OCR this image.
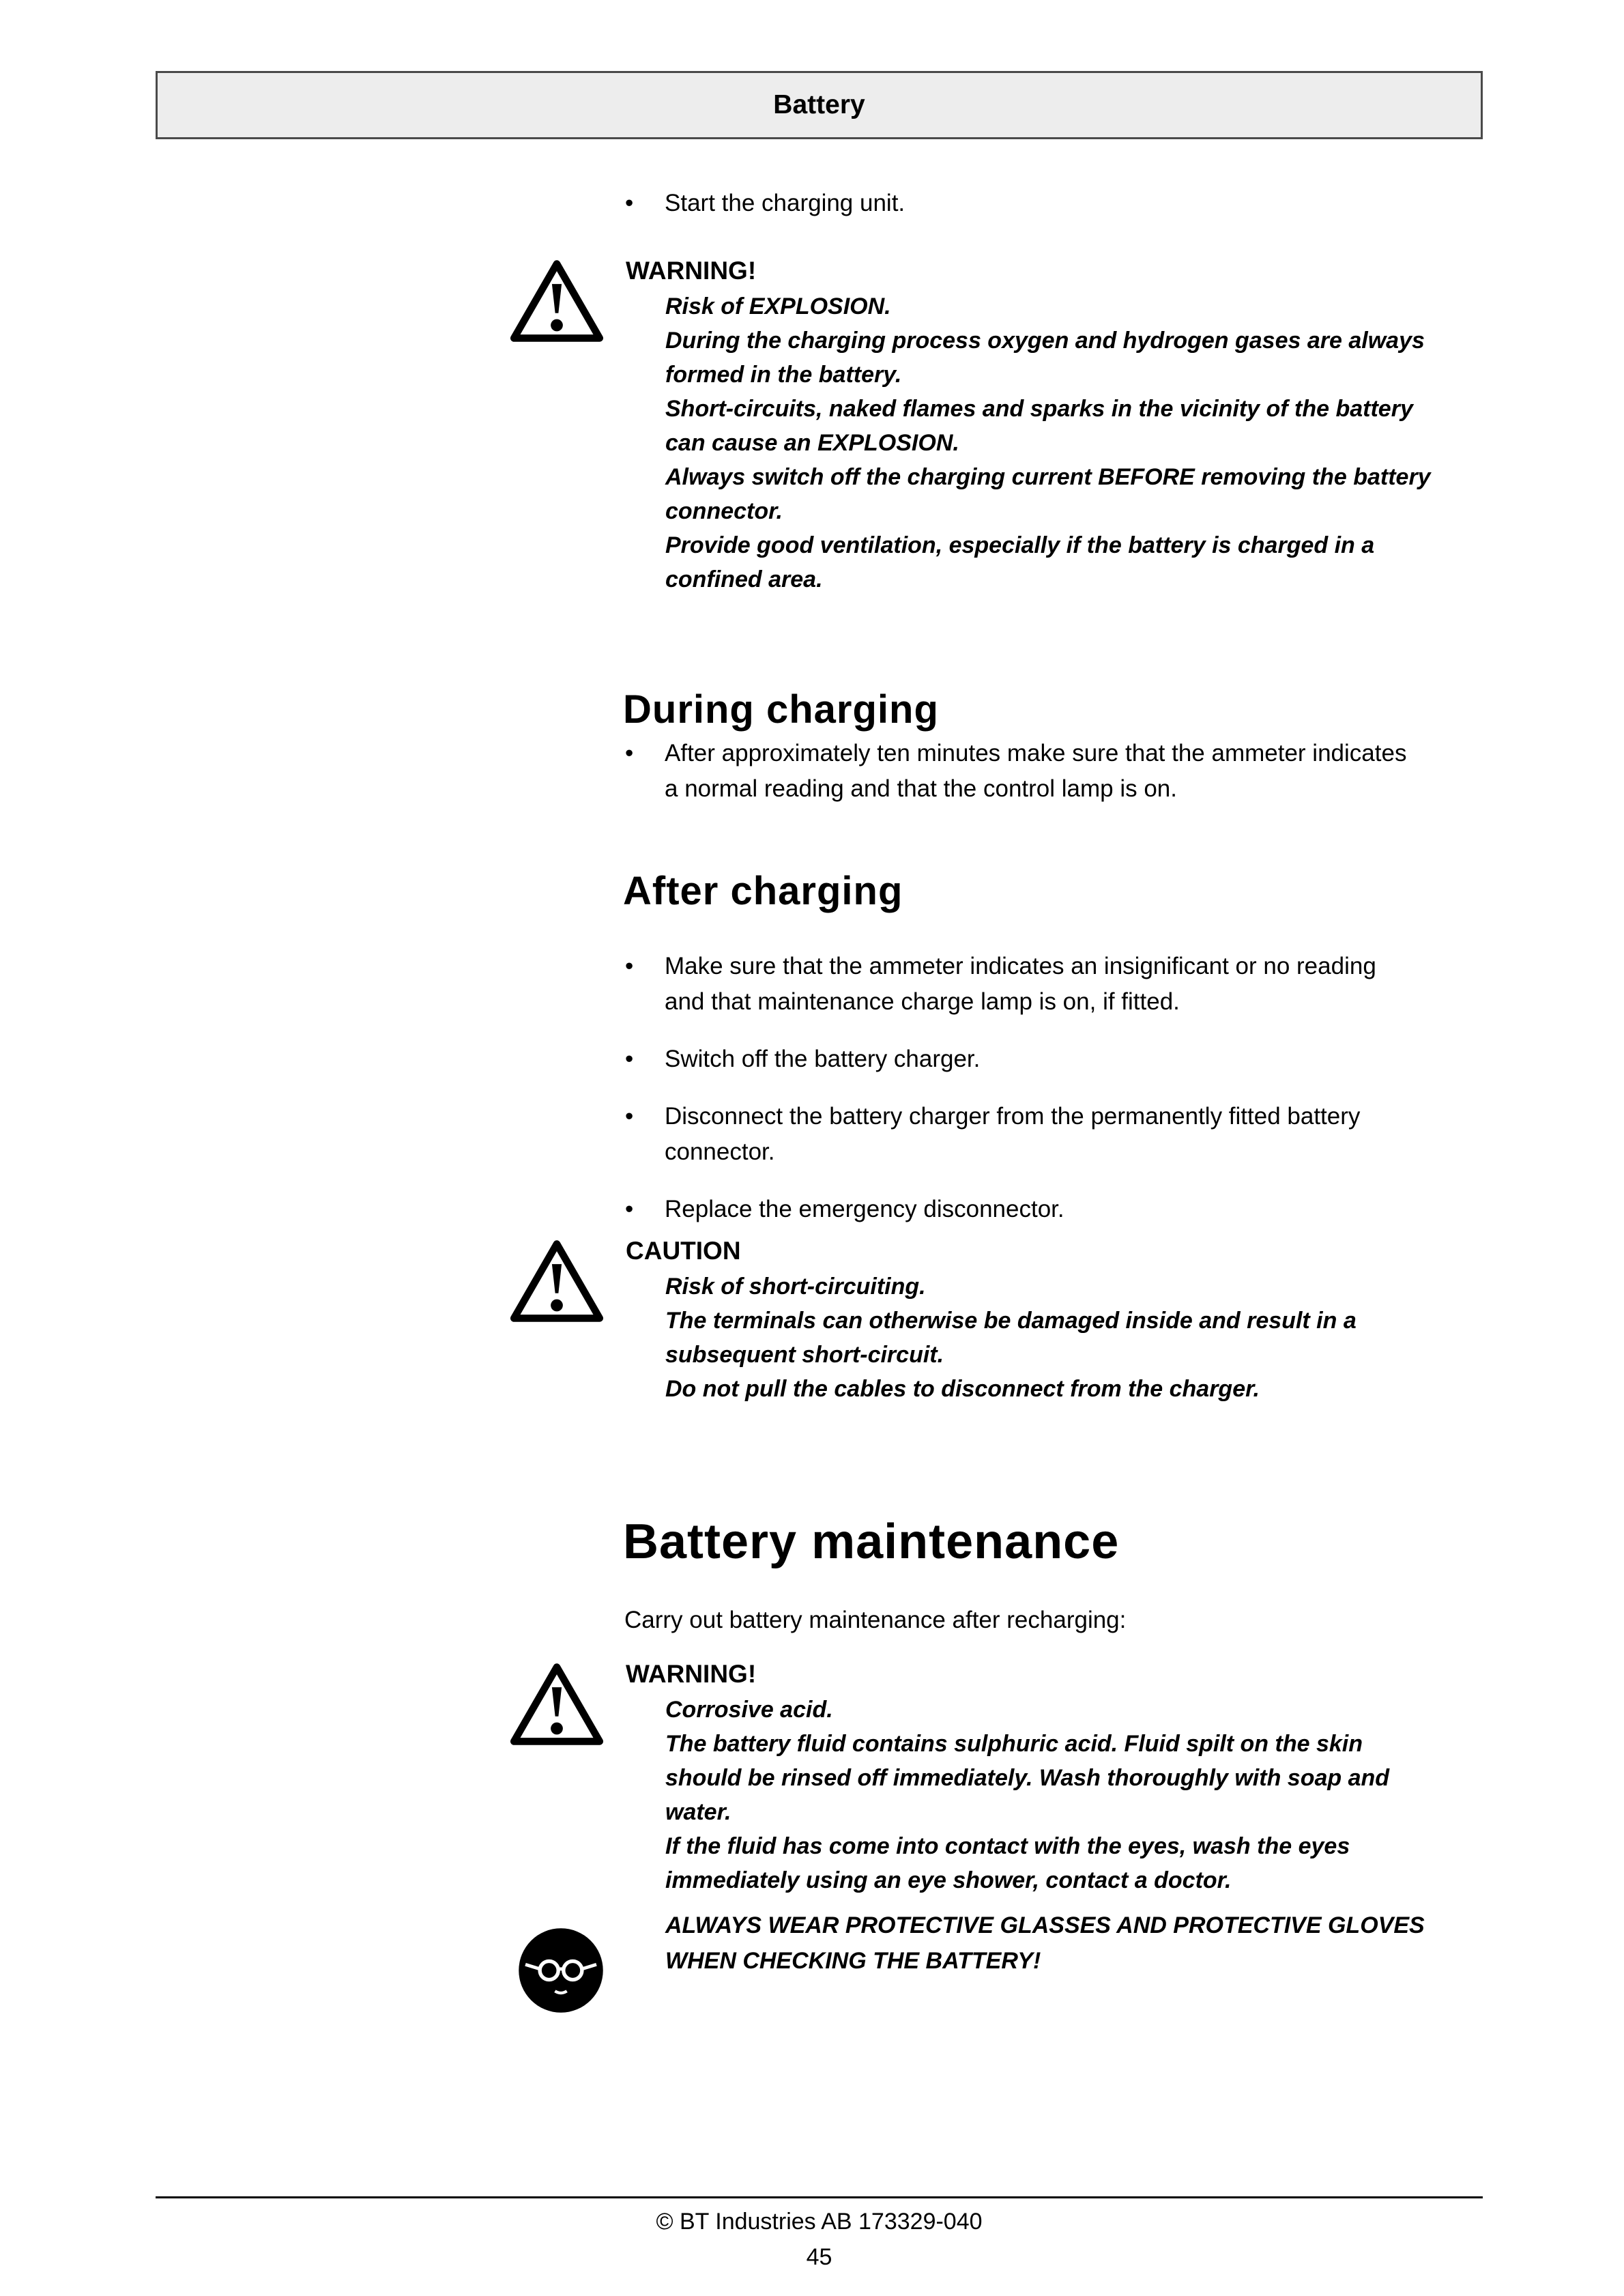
Battery
•	Start the charging unit.
WARNING!

Risk of EXPLOSION.

During the charging process oxygen and hydrogen gases are always formed in the battery.

Short-circuits, naked flames and sparks in the vicinity of the battery can cause an EXPLOSION.

Always switch off the charging current BEFORE removing the battery connector.

Provide good ventilation, especially if the battery is charged in a confined area.

During charging
•	After approximately ten minutes make sure that the ammeter indicates a normal reading and that the control lamp is on.
After charging
•	Make sure that the ammeter indicates an insignificant or no reading and that maintenance charge lamp is on, if fitted.
•	Switch off the battery charger.
•	Disconnect the battery charger from the permanently fitted battery connector.
•	Replace the emergency disconnector.
CAUTION

Risk of short-circuiting.

The terminals can otherwise be damaged inside and result in a subsequent short-circuit.

Do not pull the cables to disconnect from the charger.

Battery maintenance

Carry out battery maintenance after recharging:

WARNING!

Corrosive acid.

The battery fluid contains sulphuric acid. Fluid spilt on the skin should be rinsed off immediately. Wash thoroughly with soap and water.

If the fluid has come into contact with the eyes, wash the eyes immediately using an eye shower, contact a doctor.

ALWAYS WEAR PROTECTIVE GLASSES AND PROTECTIVE GLOVES WHEN CHECKING THE BATTERY!

© BT Industries AB 173329-040
45
